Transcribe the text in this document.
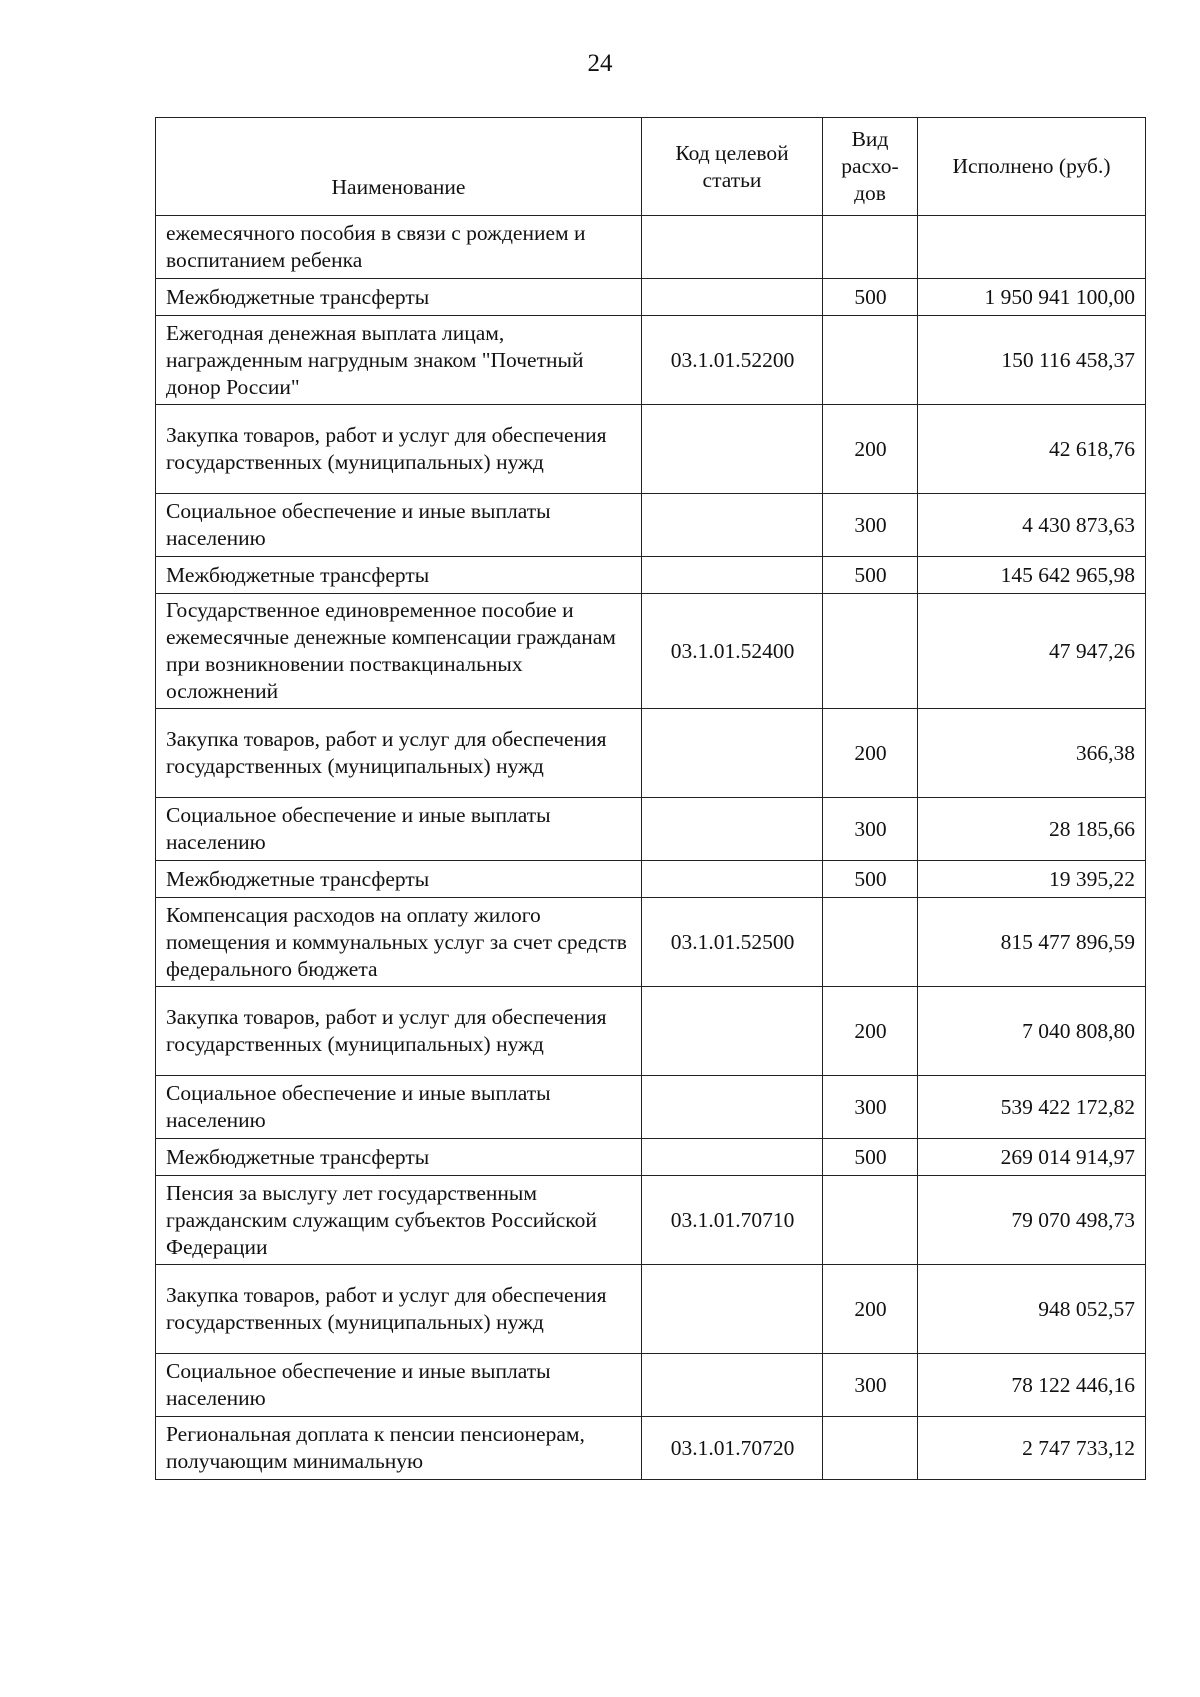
24
Наименование	Код целевой статьи	Вид расхо-дов	Исполнено (руб.)
ежемесячного пособия в связи с рождением и воспитанием ребенка			
Межбюджетные трансферты		500	1 950 941 100,00
Ежегодная денежная выплата лицам, награжденным нагрудным знаком "Почетный донор России"	03.1.01.52200		150 116 458,37
Закупка товаров, работ и услуг для обеспечения государственных (муниципальных) нужд		200	42 618,76
Социальное обеспечение и иные выплаты населению		300	4 430 873,63
Межбюджетные трансферты		500	145 642 965,98
Государственное единовременное пособие и ежемесячные денежные компенсации гражданам при возникновении поствакцинальных осложнений	03.1.01.52400		47 947,26
Закупка товаров, работ и услуг для обеспечения государственных (муниципальных) нужд		200	366,38
Социальное обеспечение и иные выплаты населению		300	28 185,66
Межбюджетные трансферты		500	19 395,22
Компенсация расходов на оплату жилого помещения и коммунальных услуг за счет средств федерального бюджета	03.1.01.52500		815 477 896,59
Закупка товаров, работ и услуг для обеспечения государственных (муниципальных) нужд		200	7 040 808,80
Социальное обеспечение и иные выплаты населению		300	539 422 172,82
Межбюджетные трансферты		500	269 014 914,97
Пенсия за выслугу лет государственным гражданским служащим субъектов Российской Федерации	03.1.01.70710		79 070 498,73
Закупка товаров, работ и услуг для обеспечения государственных (муниципальных) нужд		200	948 052,57
Социальное обеспечение и иные выплаты населению		300	78 122 446,16
Региональная доплата к пенсии пенсионерам, получающим минимальную	03.1.01.70720		2 747 733,12
